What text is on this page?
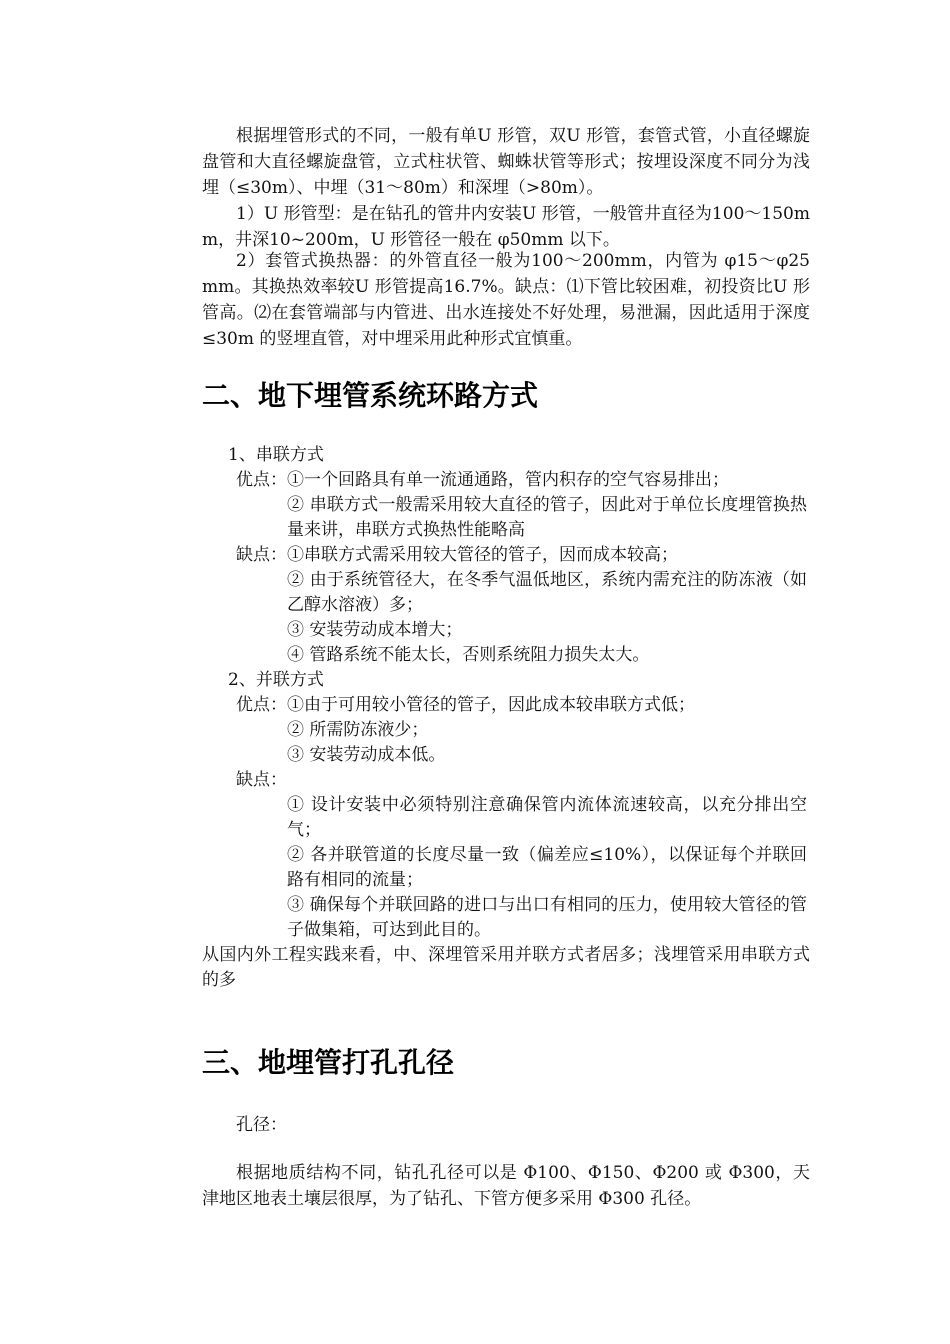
根据埋管形式的不同，一般有单U 形管，双U 形管，套管式管，小直径螺旋盘管和大直径螺旋盘管，立式柱状管、蜘蛛状管等形式；按埋设深度不同分为浅埋（≤30m）、中埋（31～80m）和深埋（>80m）。

1）U 形管型：是在钻孔的管井内安装U 形管，一般管井直径为100～150mm，井深10~200m，U 形管径一般在 φ50mm 以下。

2）套管式换热器：的外管直径一般为100～200mm，内管为 φ15～φ25 mm。其换热效率较U 形管提高16.7%。缺点：⑴下管比较困难，初投资比U 形管高。⑵在套管端部与内管进、出水连接处不好处理，易泄漏，因此适用于深度≤30m 的竖埋直管，对中埋采用此种形式宜慎重。

二、地下埋管系统环路方式

1、串联方式

优点： ①一个回路具有单一流通通路，管内积存的空气容易排出；

② 串联方式一般需采用较大直径的管子，因此对于单位长度埋管换热量来讲，串联方式换热性能略高

缺点： ①串联方式需采用较大管径的管子，因而成本较高；

② 由于系统管径大，在冬季气温低地区，系统内需充注的防冻液（如乙醇水溶液）多；

③ 安装劳动成本增大；

④ 管路系统不能太长，否则系统阻力损失太大。

2、并联方式

优点： ①由于可用较小管径的管子，因此成本较串联方式低；

② 所需防冻液少；

③ 安装劳动成本低。

缺点：

① 设计安装中必须特别注意确保管内流体流速较高，以充分排出空气；

② 各并联管道的长度尽量一致（偏差应≤10%），以保证每个并联回路有相同的流量；

③ 确保每个并联回路的进口与出口有相同的压力，使用较大管径的管子做集箱，可达到此目的。

从国内外工程实践来看，中、深埋管采用并联方式者居多；浅埋管采用串联方式的多

三、地埋管打孔孔径

孔径：

根据地质结构不同，钻孔孔径可以是 Φ100、Φ150、Φ200 或 Φ300，天津地区地表土壤层很厚，为了钻孔、下管方便多采用 Φ300 孔径。
